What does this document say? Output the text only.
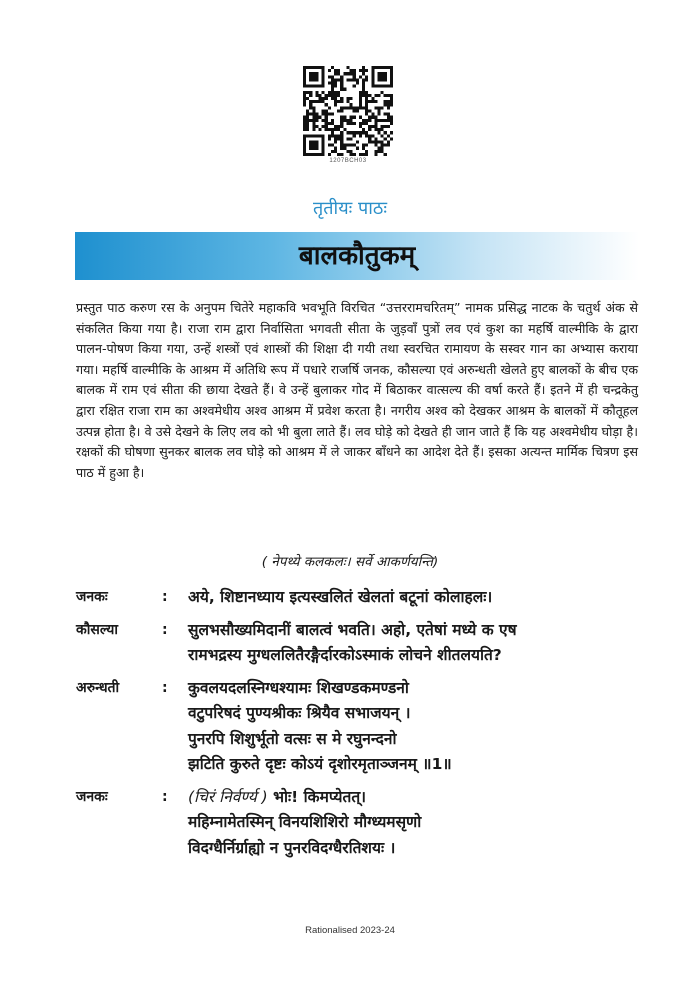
1207BCH03
तृतीयः पाठः
बालकौतुकम्

प्रस्तुत पाठ करुण रस के अनुपम चितेरे महाकवि भवभूति विरचित “उत्तररामचरितम्” नामक प्रसिद्ध नाटक के चतुर्थ अंक से संकलित किया गया है। राजा राम द्वारा निर्वासिता भगवती सीता के जुड़वाँ पुत्रों लव एवं कुश का महर्षि वाल्मीकि के द्वारा पालन-पोषण किया गया, उन्हें शस्त्रों एवं शास्त्रों की शिक्षा दी गयी तथा स्वरचित रामायण के सस्वर गान का अभ्यास कराया गया। महर्षि वाल्मीकि के आश्रम में अतिथि रूप में पधारे राजर्षि जनक, कौसल्या एवं अरुन्धती खेलते हुए बालकों के बीच एक बालक में राम एवं सीता की छाया देखते हैं। वे उन्हें बुलाकर गोद में बिठाकर वात्सल्य की वर्षा करते हैं। इतने में ही चन्द्रकेतु द्वारा रक्षित राजा राम का अश्वमेधीय अश्व आश्रम में प्रवेश करता है। नगरीय अश्व को देखकर आश्रम के बालकों में कौतूहल उत्पन्न होता है। वे उसे देखने के लिए लव को भी बुला लाते हैं। लव घोड़े को देखते ही जान जाते हैं कि यह अश्वमेधीय घोड़ा है। रक्षकों की घोषणा सुनकर बालक लव घोड़े को आश्रम में ले जाकर बाँधने का आदेश देते हैं। इसका अत्यन्त मार्मिक चित्रण इस पाठ में हुआ है।

( नेपथ्ये कलकलः। सर्वे आकर्णयन्ति)
जनकः	:	अये, शिष्टानध्याय इत्यस्खलितं खेलतां बटूनां कोलाहलः।
कौसल्या	:	सुलभसौख्यमिदानीं बालत्वं भवति। अहो, एतेषां मध्ये क एष
रामभद्रस्य मुग्धललितैरङ्गैर्दारकोऽस्माकं लोचने शीतलयति?
अरुन्धती	:	कुवलयदलस्निग्धश्यामः शिखण्डकमण्डनो
वटुपरिषदं पुण्यश्रीकः श्रियैव सभाजयन् ।
पुनरपि शिशुर्भूतो वत्सः स मे रघुनन्दनो
झटिति कुरुते दृष्टः कोऽयं दृशोरमृताञ्जनम् ॥1॥
जनकः	:	(चिरं निर्वर्ण्य ) भोः! किमप्येतत्।
महिम्नामेतस्मिन् विनयशिशिरो मौग्ध्यमसृणो
विदग्धैर्निर्ग्राह्यो न पुनरविदग्धैरतिशयः ।
Rationalised 2023-24
